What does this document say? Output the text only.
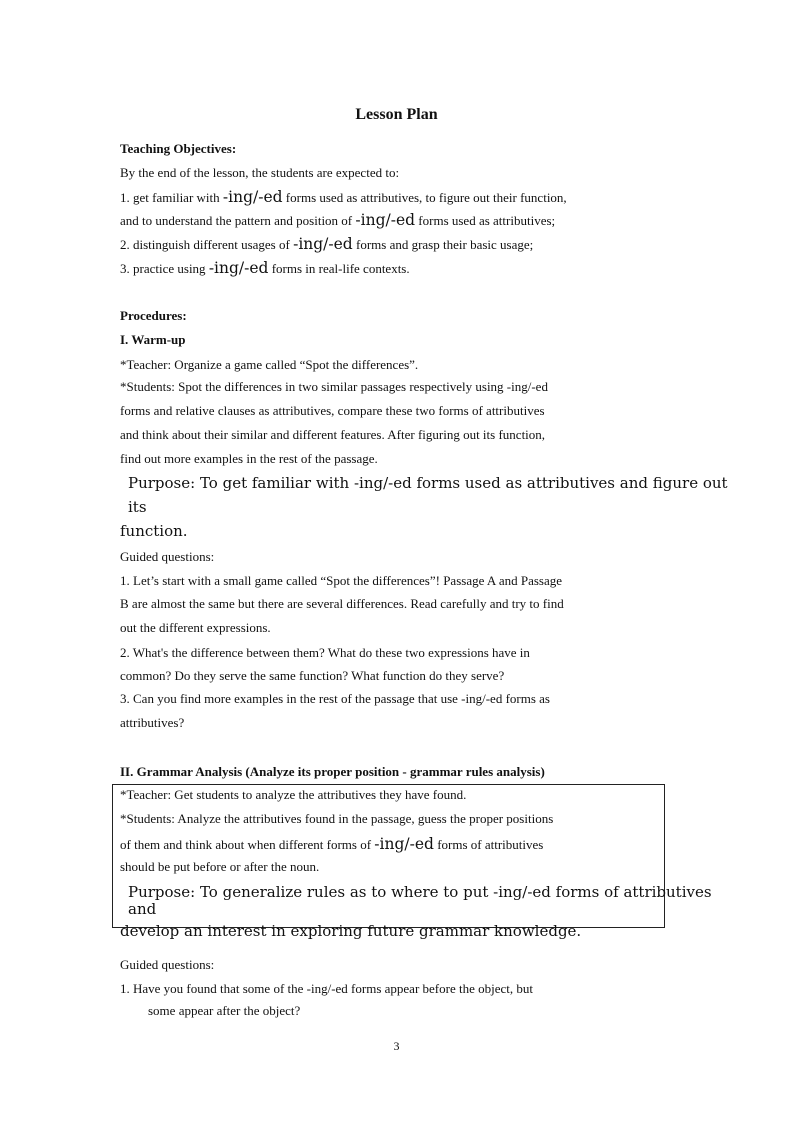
Lesson Plan
Teaching Objectives:
By the end of the lesson, the students are expected to:
1. get familiar with -ing/-ed forms used as attributives, to figure out their function,
and to understand the pattern and position of -ing/-ed forms used as attributives;
2. distinguish different usages of -ing/-ed forms and grasp their basic usage;
3. practice using -ing/-ed forms in real-life contexts.
Procedures:
I. Warm-up
*Teacher: Organize a game called “Spot the differences”.
*Students: Spot the differences in two similar passages respectively using -ing/-ed
forms and relative clauses as attributives, compare these two forms of attributives
and think about their similar and different features. After figuring out its function,
find out more examples in the rest of the passage.
Purpose: To get familiar with -ing/-ed forms used as attributives and figure out
its
function.
Guided questions:
1. Let’s start with a small game called “Spot the differences”! Passage A and Passage
B are almost the same but there are several differences. Read carefully and try to find
out the different expressions.
2. What's the difference between them? What do these two expressions have in
common? Do they serve the same function? What function do they serve?
3. Can you find more examples in the rest of the passage that use -ing/-ed forms as
attributives?
II. Grammar Analysis (Analyze its proper position - grammar rules analysis)
*Teacher: Get students to analyze the attributives they have found.
*Students: Analyze the attributives found in the passage, guess the proper positions
of them and think about when different forms of -ing/-ed forms of attributives
should be put before or after the noun.
Purpose: To generalize rules as to where to put -ing/-ed forms of attributives
and
develop an interest in exploring future grammar knowledge.
Guided questions:
1. Have you found that some of the -ing/-ed forms appear before the object, but
some appear after the object?
3
